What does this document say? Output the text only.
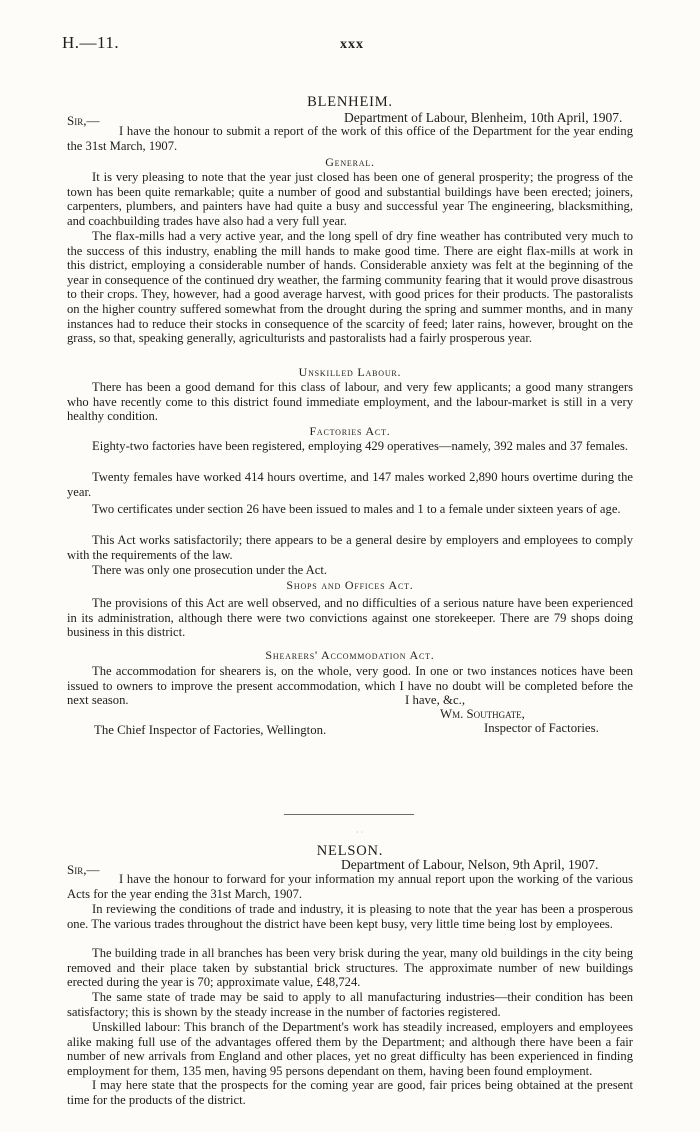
H.—11.	xxx
BLENHEIM.
Sir,—	Department of Labour, Blenheim, 10th April, 1907.

I have the honour to submit a report of the work of this office of the Department for the year ending the 31st March, 1907.

General.

It is very pleasing to note that the year just closed has been one of general prosperity; the progress of the town has been quite remarkable; quite a number of good and substantial buildings have been erected; joiners, carpenters, plumbers, and painters have had quite a busy and successful year The engineering, blacksmithing, and coachbuilding trades have also had a very full year.

The flax-mills had a very active year, and the long spell of dry fine weather has contributed very much to the success of this industry, enabling the mill hands to make good time. There are eight flax-mills at work in this district, employing a considerable number of hands. Considerable anxiety was felt at the beginning of the year in consequence of the continued dry weather, the farming community fearing that it would prove disastrous to their crops. They, however, had a good average harvest, with good prices for their products. The pastoralists on the higher country suffered somewhat from the drought during the spring and summer months, and in many instances had to reduce their stocks in consequence of the scarcity of feed; later rains, however, brought on the grass, so that, speaking generally, agriculturists and pastoralists had a fairly prosperous year.

Unskilled Labour.

There has been a good demand for this class of labour, and very few applicants; a good many strangers who have recently come to this district found immediate employment, and the labour-market is still in a very healthy condition.

Factories Act.

Eighty-two factories have been registered, employing 429 operatives—namely, 392 males and 37 females.

Twenty females have worked 414 hours overtime, and 147 males worked 2,890 hours overtime during the year.

Two certificates under section 26 have been issued to males and 1 to a female under sixteen years of age.

This Act works satisfactorily; there appears to be a general desire by employers and employees to comply with the requirements of the law.

There was only one prosecution under the Act.

Shops and Offices Act.

The provisions of this Act are well observed, and no difficulties of a serious nature have been experienced in its administration, although there were two convictions against one storekeeper. There are 79 shops doing business in this district.

Shearers' Accommodation Act.

The accommodation for shearers is, on the whole, very good. In one or two instances notices have been issued to owners to improve the present accommodation, which I have no doubt will be completed before the next season.	I have, &c.,
Wm. Southgate,
Inspector of Factories.
The Chief Inspector of Factories, Wellington.
· ·
NELSON.
Sir,—	Department of Labour, Nelson, 9th April, 1907.

I have the honour to forward for your information my annual report upon the working of the various Acts for the year ending the 31st March, 1907.

In reviewing the conditions of trade and industry, it is pleasing to note that the year has been a prosperous one. The various trades throughout the district have been kept busy, very little time being lost by employees.

The building trade in all branches has been very brisk during the year, many old buildings in the city being removed and their place taken by substantial brick structures. The approximate number of new buildings erected during the year is 70; approximate value, £48,724.

The same state of trade may be said to apply to all manufacturing industries—their condition has been satisfactory; this is shown by the steady increase in the number of factories registered.

Unskilled labour: This branch of the Department's work has steadily increased, employers and employees alike making full use of the advantages offered them by the Department; and although there have been a fair number of new arrivals from England and other places, yet no great difficulty has been experienced in finding employment for them, 135 men, having 95 persons dependant on them, having been found employment.

I may here state that the prospects for the coming year are good, fair prices being obtained at the present time for the products of the district.
